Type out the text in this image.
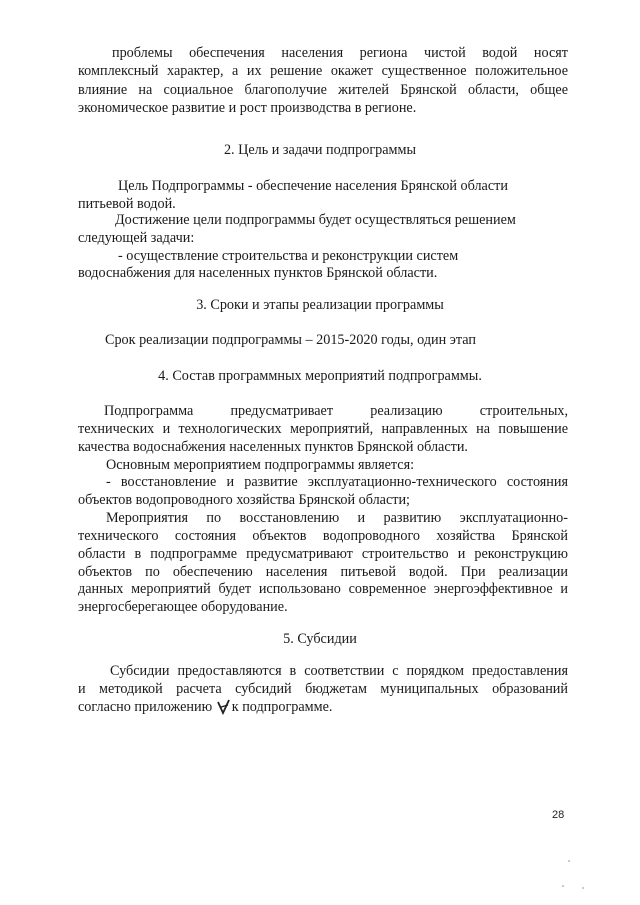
проблемы обеспечения населения региона чистой водой носят
комплексный характер, а их решение окажет существенное положительное
влияние на социальное благополучие жителей Брянской области, общее
экономическое развитие и рост производства в регионе.
2. Цель и задачи подпрограммы
Цель Подпрограммы - обеспечение населения Брянской области
питьевой водой.
Достижение цели подпрограммы будет осуществляться решением
следующей задачи:
- осуществление строительства и реконструкции систем
водоснабжения для населенных пунктов Брянской области.
3. Сроки и этапы реализации программы
Срок реализации подпрограммы – 2015-2020 годы, один этап
4. Состав программных мероприятий подпрограммы.
Подпрограмма предусматривает реализацию строительных,
технических и технологических мероприятий, направленных на повышение
качества водоснабжения населенных пунктов Брянской области.
Основным мероприятием подпрограммы является:
- восстановление и развитие эксплуатационно-технического состояния
объектов водопроводного хозяйства Брянской области;
Мероприятия по восстановлению и развитию эксплуатационно-
технического состояния объектов водопроводного хозяйства Брянской
области в подпрограмме предусматривают строительство и реконструкцию
объектов по обеспечению населения питьевой водой. При реализации
данных мероприятий будет использовано современное энергоэффективное и
энергосберегающее оборудование.
5. Субсидии
Субсидии предоставляются в соответствии с порядком предоставления
и методикой расчета субсидий бюджетам муниципальных образований
согласно приложению к подпрограмме.
28
